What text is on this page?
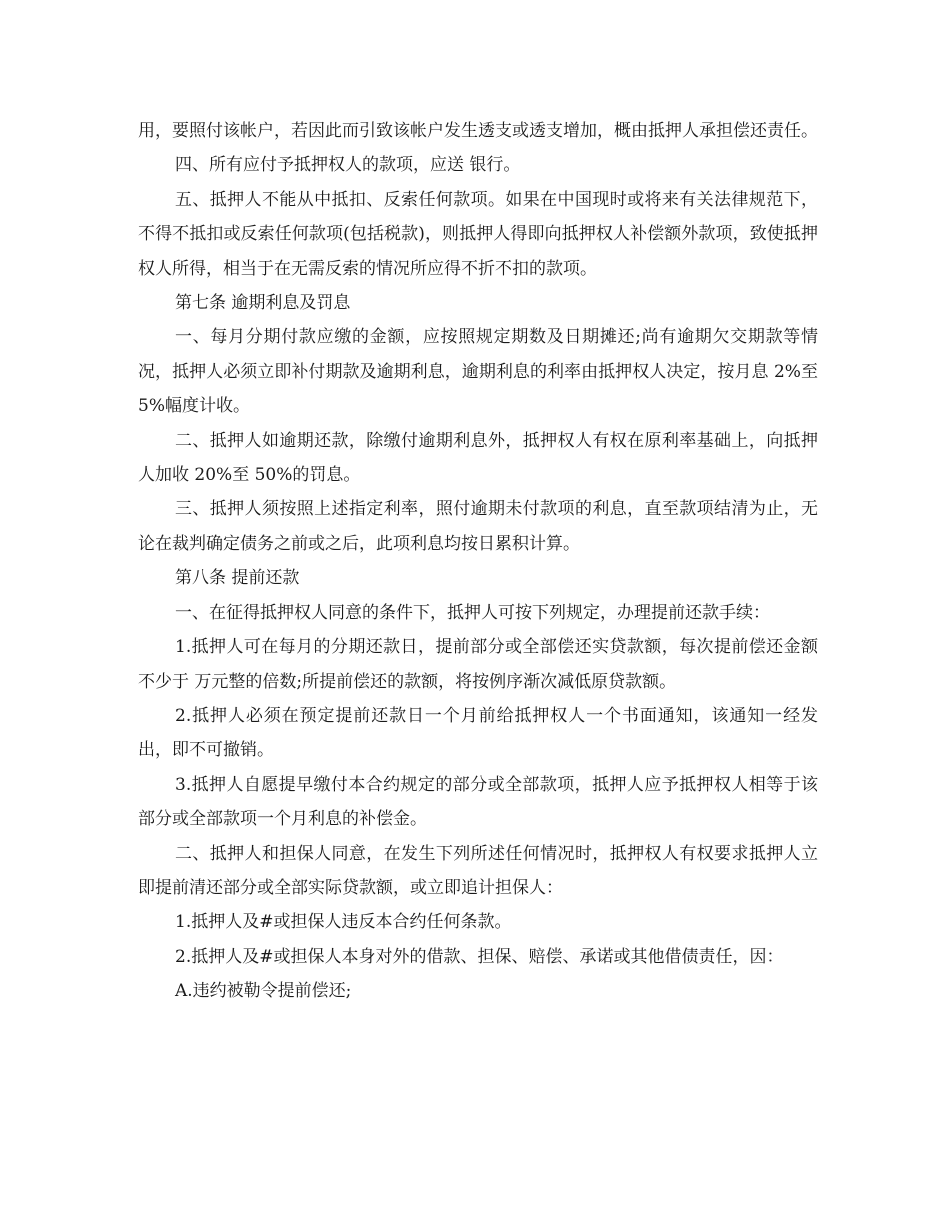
用，要照付该帐户，若因此而引致该帐户发生透支或透支增加，概由抵押人承担偿还责任。

四、所有应付予抵押权人的款项，应送 银行。

五、抵押人不能从中抵扣、反索任何款项。如果在中国现时或将来有关法律规范下，不得不抵扣或反索任何款项(包括税款)，则抵押人得即向抵押权人补偿额外款项，致使抵押权人所得，相当于在无需反索的情况所应得不折不扣的款项。

第七条 逾期利息及罚息

一、每月分期付款应缴的金额，应按照规定期数及日期摊还;尚有逾期欠交期款等情况，抵押人必须立即补付期款及逾期利息，逾期利息的利率由抵押权人决定，按月息 2%至 5%幅度计收。

二、抵押人如逾期还款，除缴付逾期利息外，抵押权人有权在原利率基础上，向抵押人加收 20%至 50%的罚息。

三、抵押人须按照上述指定利率，照付逾期未付款项的利息，直至款项结清为止，无论在裁判确定债务之前或之后，此项利息均按日累积计算。

第八条 提前还款

一、在征得抵押权人同意的条件下，抵押人可按下列规定，办理提前还款手续：

1.抵押人可在每月的分期还款日，提前部分或全部偿还实贷款额，每次提前偿还金额不少于 万元整的倍数;所提前偿还的款额，将按例序渐次减低原贷款额。

2.抵押人必须在预定提前还款日一个月前给抵押权人一个书面通知，该通知一经发出，即不可撤销。

3.抵押人自愿提早缴付本合约规定的部分或全部款项，抵押人应予抵押权人相等于该部分或全部款项一个月利息的补偿金。

二、抵押人和担保人同意，在发生下列所述任何情况时，抵押权人有权要求抵押人立即提前清还部分或全部实际贷款额，或立即追计担保人：

1.抵押人及#或担保人违反本合约任何条款。

2.抵押人及#或担保人本身对外的借款、担保、赔偿、承诺或其他借债责任，因：

A.违约被勒令提前偿还;
